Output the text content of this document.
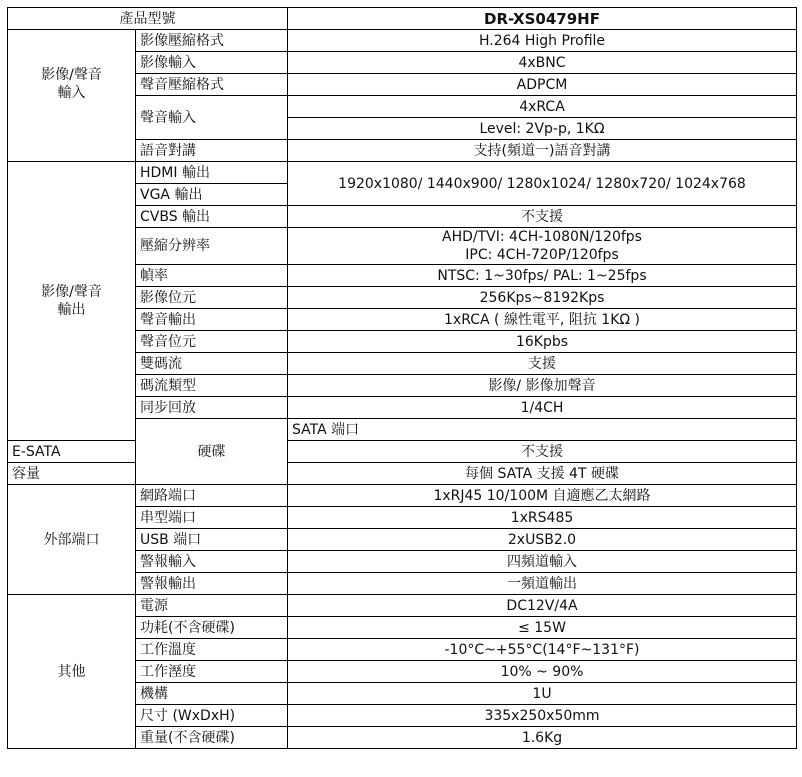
產品型號		DR-XS0479HF	

影像/聲音
輸入	影像壓縮格式	H.264 High Profile	
	影像輸入	4xBNC	
	聲音壓縮格式	ADPCM	
	聲音輸入	4xRCA	
		Level: 2Vp-p, 1KΩ	
	語音對講	支持(頻道一)語音對講	

影像/聲音
輸出	HDMI 輸出	1920x1080/ 1440x900/ 1280x1024/ 1280x720/ 1024x768	
	VGA 輸出		
	CVBS 輸出	不支援	
	壓縮分辨率	AHD/TVI: 4CH-1080N/120fps
IPC: 4CH-720P/120fps	

	幀率	NTSC: 1~30fps/ PAL: 1~25fps	
	影像位元	256Kps~8192Kps	
	聲音輸出	1xRCA ( 線性電平, 阻抗 1KΩ )	
	聲音位元	16Kpbs	
	雙碼流	支援	
	碼流類型	影像/ 影像加聲音	
	同步回放	1/4CH	
	硬碟	SATA 端口	
E-SATA		不支援	
容量		每個 SATA 支援 4T 硬碟	
外部端口	網路端口	1xRJ45 10/100M 自適應乙太網路	
	串型端口	1xRS485	
	USB 端口	2xUSB2.0	
	警報輸入	四頻道輸入	
	警報輸出	一頻道輸出	
其他	電源	DC12V/4A	
	功耗(不含硬碟)	≤ 15W	
	工作溫度	-10°C~+55°C(14°F~131°F)	
	工作溼度	10% ~ 90%	
	機構	1U	
	尺寸 (WxDxH)	335x250x50mm	
	重量(不含硬碟)	1.6Kg	
